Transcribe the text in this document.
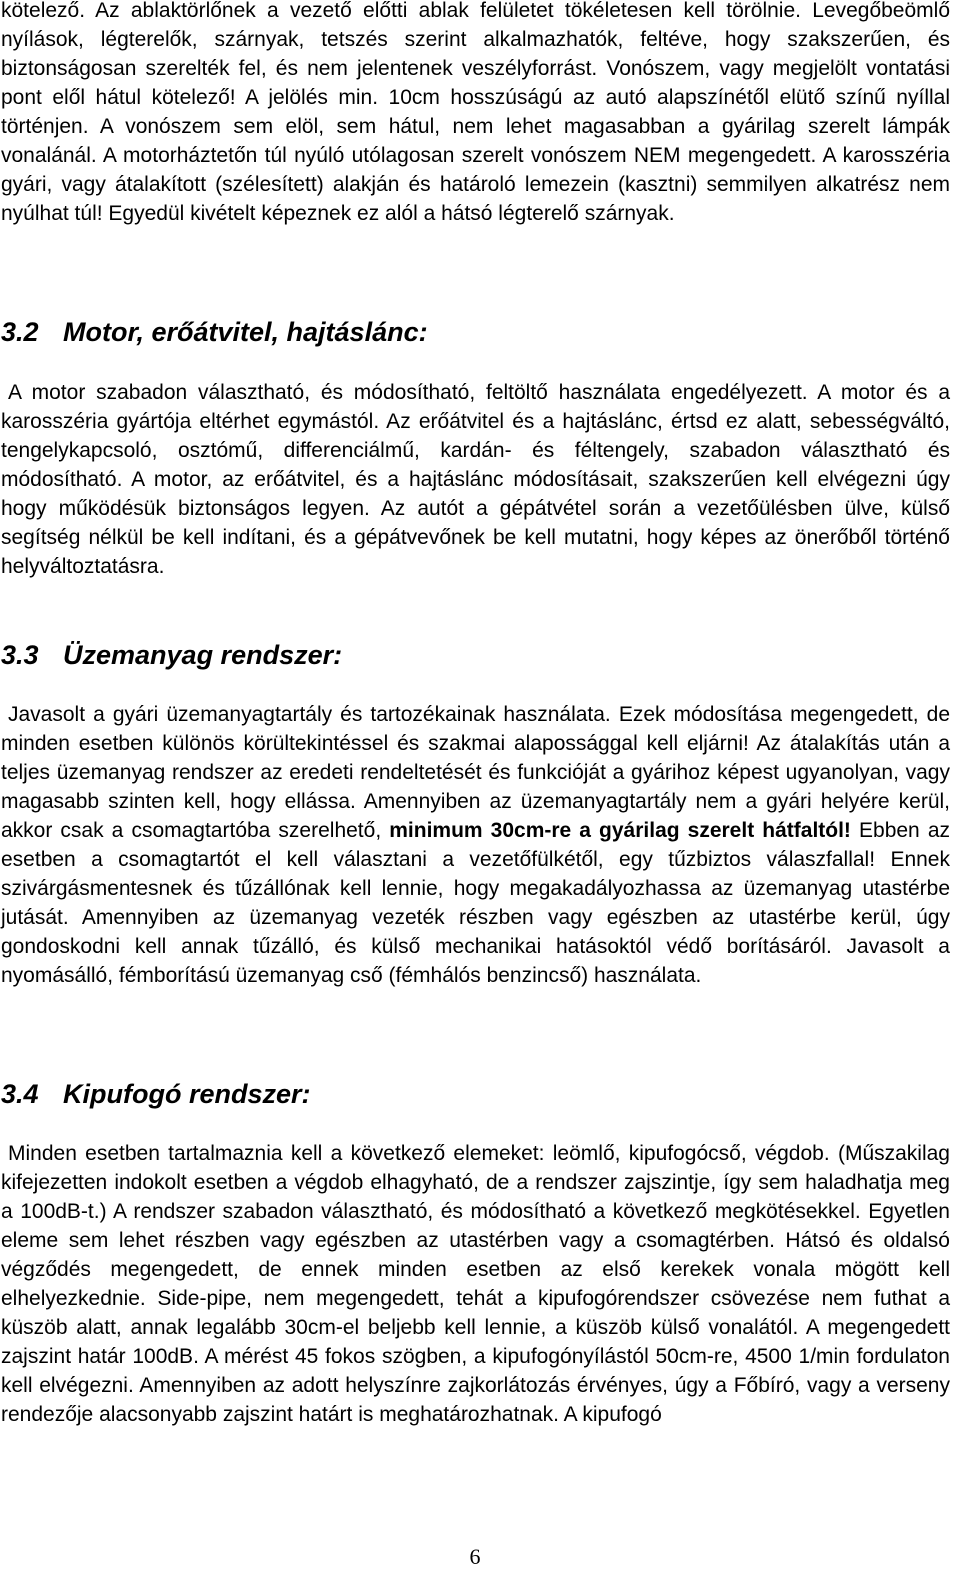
kötelező. Az ablaktörlőnek a vezető előtti ablak felületet tökéletesen kell törölnie. Levegőbeömlő nyílások, légterelők, szárnyak, tetszés szerint alkalmazhatók, feltéve, hogy szakszerűen, és biztonságosan szerelték fel, és nem jelentenek veszélyforrást. Vonószem, vagy megjelölt vontatási pont elől hátul kötelező! A jelölés min. 10cm hosszúságú az autó alapszínétől elütő színű nyíllal történjen. A vonószem sem elöl, sem hátul, nem lehet magasabban a gyárilag szerelt lámpák vonalánál. A motorháztetőn túl nyúló utólagosan szerelt vonószem NEM megengedett. A karosszéria gyári, vagy átalakított (szélesített) alakján és határoló lemezein (kasztni) semmilyen alkatrész nem nyúlhat túl! Egyedül kivételt képeznek ez alól a hátsó légterelő szárnyak.

3.2 Motor, erőátvitel, hajtáslánc:

A motor szabadon választható, és módosítható, feltöltő használata engedélyezett. A motor és a karosszéria gyártója eltérhet egymástól. Az erőátvitel és a hajtáslánc, értsd ez alatt, sebességváltó, tengelykapcsoló, osztómű, differenciálmű, kardán- és féltengely, szabadon választható és módosítható. A motor, az erőátvitel, és a hajtáslánc módosításait, szakszerűen kell elvégezni úgy hogy működésük biztonságos legyen. Az autót a gépátvétel során a vezetőülésben ülve, külső segítség nélkül be kell indítani, és a gépátvevőnek be kell mutatni, hogy képes az önerőből történő helyváltoztatásra.

3.3 Üzemanyag rendszer:

Javasolt a gyári üzemanyagtartály és tartozékainak használata. Ezek módosítása megengedett, de minden esetben különös körültekintéssel és szakmai alapossággal kell eljárni! Az átalakítás után a teljes üzemanyag rendszer az eredeti rendeltetését és funkcióját a gyárihoz képest ugyanolyan, vagy magasabb szinten kell, hogy ellássa. Amennyiben az üzemanyagtartály nem a gyári helyére kerül, akkor csak a csomagtartóba szerelhető, minimum 30cm-re a gyárilag szerelt hátfaltól! Ebben az esetben a csomagtartót el kell választani a vezetőfülkétől, egy tűzbiztos válaszfallal! Ennek szivárgásmentesnek és tűzállónak kell lennie, hogy megakadályozhassa az üzemanyag utastérbe jutását. Amennyiben az üzemanyag vezeték részben vagy egészben az utastérbe kerül, úgy gondoskodni kell annak tűzálló, és külső mechanikai hatásoktól védő borításáról. Javasolt a nyomásálló, fémborítású üzemanyag cső (fémhálós benzincső) használata.

3.4 Kipufogó rendszer:

Minden esetben tartalmaznia kell a következő elemeket: leömlő, kipufogócső, végdob. (Műszakilag kifejezetten indokolt esetben a végdob elhagyható, de a rendszer zajszintje, így sem haladhatja meg a 100dB-t.) A rendszer szabadon választható, és módosítható a következő megkötésekkel. Egyetlen eleme sem lehet részben vagy egészben az utastérben vagy a csomagtérben. Hátsó és oldalsó végződés megengedett, de ennek minden esetben az első kerekek vonala mögött kell elhelyezkednie. Side-pipe, nem megengedett, tehát a kipufogórendszer csövezése nem futhat a küszöb alatt, annak legalább 30cm-el beljebb kell lennie, a küszöb külső vonalától. A megengedett zajszint határ 100dB. A mérést 45 fokos szögben, a kipufogónyílástól 50cm-re, 4500 1/min fordulaton kell elvégezni. Amennyiben az adott helyszínre zajkorlátozás érvényes, úgy a Főbíró, vagy a verseny rendezője alacsonyabb zajszint határt is meghatározhatnak. A kipufogó

6
